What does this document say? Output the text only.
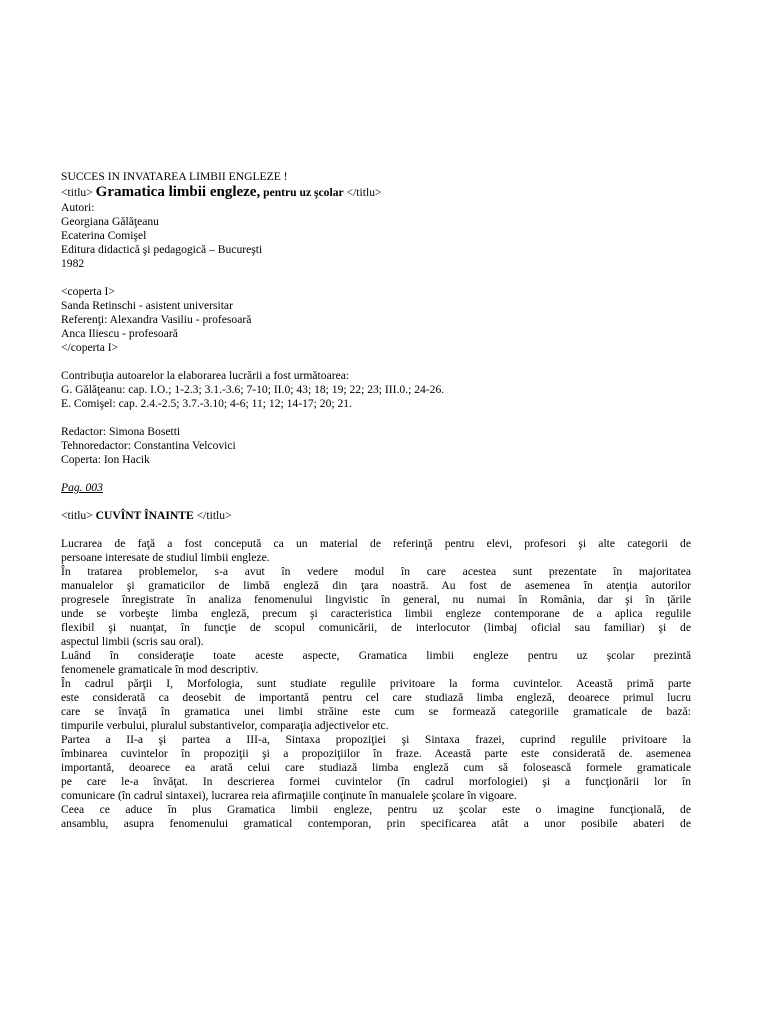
SUCCES IN INVATAREA LIMBII ENGLEZE !
<titlu> Gramatica limbii engleze, pentru uz şcolar </titlu>
Autori:
Georgiana Gălăţeanu
Ecaterina Comişel
Editura didactică şi pedagogică – Bucureşti
1982
<coperta I>
Sanda Retinschi - asistent universitar
Referenţi: Alexandra Vasiliu - profesoară
Anca Iliescu - profesoară
</coperta I>
Contribuţia autoarelor la elaborarea lucrării a fost următoarea:
G. Gălăţeanu: cap. I.O.; 1-2.3; 3.1.-3.6; 7-10; II.0; 43; 18; 19; 22; 23; III.0.; 24-26.
E. Comişel: cap. 2.4.-2.5; 3.7.-3.10; 4-6; 11; 12; 14-17; 20; 21.
Redactor: Simona Bosetti
Tehnoredactor: Constantina Velcovici
Coperta: Ion Hacik
Pag. 003
<titlu> CUVÎNT ÎNAINTE </titlu>
Lucrarea de faţă a fost concepută ca un material de referinţă pentru elevi, profesori şi alte categorii de
persoane interesate de studiul limbii engleze.
În tratarea problemelor, s-a avut în vedere modul în care acestea sunt prezentate în majoritatea
manualelor şi gramaticilor de limbă engleză din ţara noastră. Au fost de asemenea în atenţia autorilor
progresele înregistrate în analiza fenomenului lingvistic în general, nu numai în România, dar şi în ţările
unde se vorbeşte limba engleză, precum şi caracteristica limbii engleze contemporane de a aplica regulile
flexibil şi nuanţat, în funcţie de scopul comunicării, de interlocutor (limbaj oficial sau familiar) şi de
aspectul limbii (scris sau oral).
Luând în consideraţie toate aceste aspecte, Gramatica limbii engleze pentru uz şcolar prezintă
fenomenele gramaticale în mod descriptiv.
În cadrul părţii I, Morfologia, sunt studiate regulile privitoare la forma cuvintelor. Această primă parte
este considerată ca deosebit de importantă pentru cel care studiază limba engleză, deoarece primul lucru
care se învaţă în gramatica unei limbi străine este cum se formează categoriile gramaticale de bază:
timpurile verbului, pluralul substantivelor, comparaţia adjectivelor etc.
Partea a II-a şi partea a III-a, Sintaxa propoziţiei şi Sintaxa frazei, cuprind regulile privitoare la
îmbinarea cuvintelor în propoziţii şi a propoziţiilor în fraze. Această parte este considerată de. asemenea
importantă, deoarece ea arată celui care studiază limba engleză cum să folosească formele gramaticale
pe care le-a învăţat. In descrierea formei cuvintelor (în cadrul morfologiei) şi a funcţionării lor în
comunicare (în cadrul sintaxei), lucrarea reia afirmaţiile conţinute în manualele şcolare în vigoare.
Ceea ce aduce în plus Gramatica limbii engleze, pentru uz şcolar este o imagine funcţională, de
ansamblu, asupra fenomenului gramatical contemporan, prin specificarea atât a unor posibile abateri de
